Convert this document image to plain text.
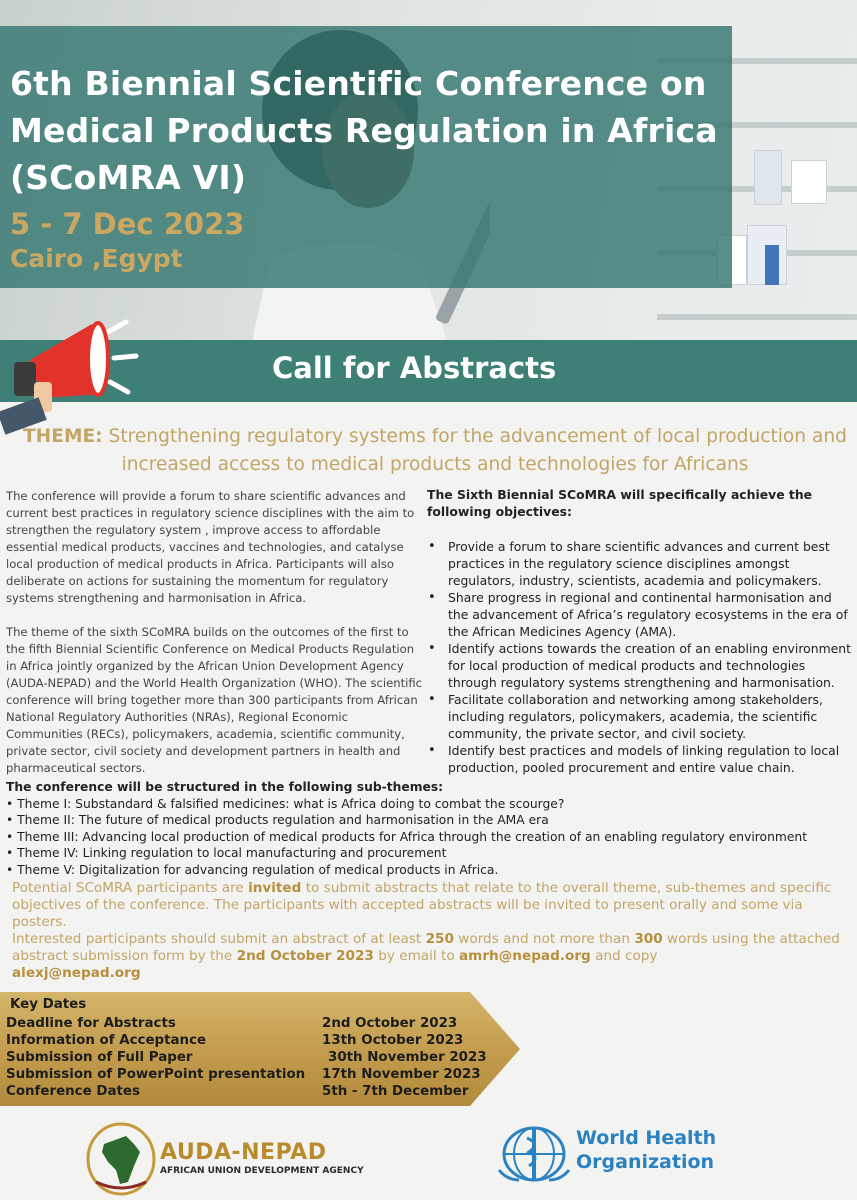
6th Biennial Scientific Conference on Medical Products Regulation in Africa (SCoMRA VI)
5 - 7 Dec 2023
Cairo ,Egypt
Call for Abstracts
THEME: Strengthening regulatory systems for the advancement of local production and increased access to medical products and technologies for Africans

The conference will provide a forum to share scientific advances and current best practices in regulatory science disciplines with the aim to strengthen the regulatory system , improve access to affordable essential medical products, vaccines and technologies, and catalyse local production of medical products in Africa. Participants will also deliberate on actions for sustaining the momentum for regulatory systems strengthening and harmonisation in Africa.

The theme of the sixth SCoMRA builds on the outcomes of the first to the fifth Biennial Scientific Conference on Medical Products Regulation in Africa jointly organized by the African Union Development Agency (AUDA-NEPAD) and the World Health Organization (WHO). The scientific conference will bring together more than 300 participants from African National Regulatory Authorities (NRAs), Regional Economic Communities (RECs), policymakers, academia, scientific community, private sector, civil society and development partners in health and pharmaceutical sectors.

The Sixth Biennial SCoMRA will specifically achieve the following objectives:
• Provide a forum to share scientific advances and current best practices in the regulatory science disciplines amongst regulators, industry, scientists, academia and policymakers.
• Share progress in regional and continental harmonisation and the advancement of Africa’s regulatory ecosystems in the era of the African Medicines Agency (AMA).
• Identify actions towards the creation of an enabling environment for local production of medical products and technologies through regulatory systems strengthening and harmonisation.
• Facilitate collaboration and networking among stakeholders, including regulators, policymakers, academia, the scientific community, the private sector, and civil society.
• Identify best practices and models of linking regulation to local production, pooled procurement and entire value chain.
The conference will be structured in the following sub-themes:
• Theme I: Substandard & falsified medicines: what is Africa doing to combat the scourge?
• Theme II: The future of medical products regulation and harmonisation in the AMA era
• Theme III: Advancing local production of medical products for Africa through the creation of an enabling regulatory environment
• Theme IV: Linking regulation to local manufacturing and procurement
• Theme V: Digitalization for advancing regulation of medical products in Africa.
Potential SCoMRA participants are invited to submit abstracts that relate to the overall theme, sub-themes and specific objectives of the conference. The participants with accepted abstracts will be invited to present orally and some via posters.
Interested participants should submit an abstract of at least 250 words and not more than 300 words using the attached abstract submission form by the 2nd October 2023 by email to amrh@nepad.org and copy
alexj@nepad.org
Key Dates
Deadline for Abstracts	2nd October 2023
Information of Acceptance	13th October 2023
Submission of Full Paper	30th November 2023
Submission of PowerPoint presentation 17th November 2023
Conference Dates	5th - 7th December
AUDA-NEPAD
AFRICAN UNION DEVELOPMENT AGENCY
World Health
Organization
